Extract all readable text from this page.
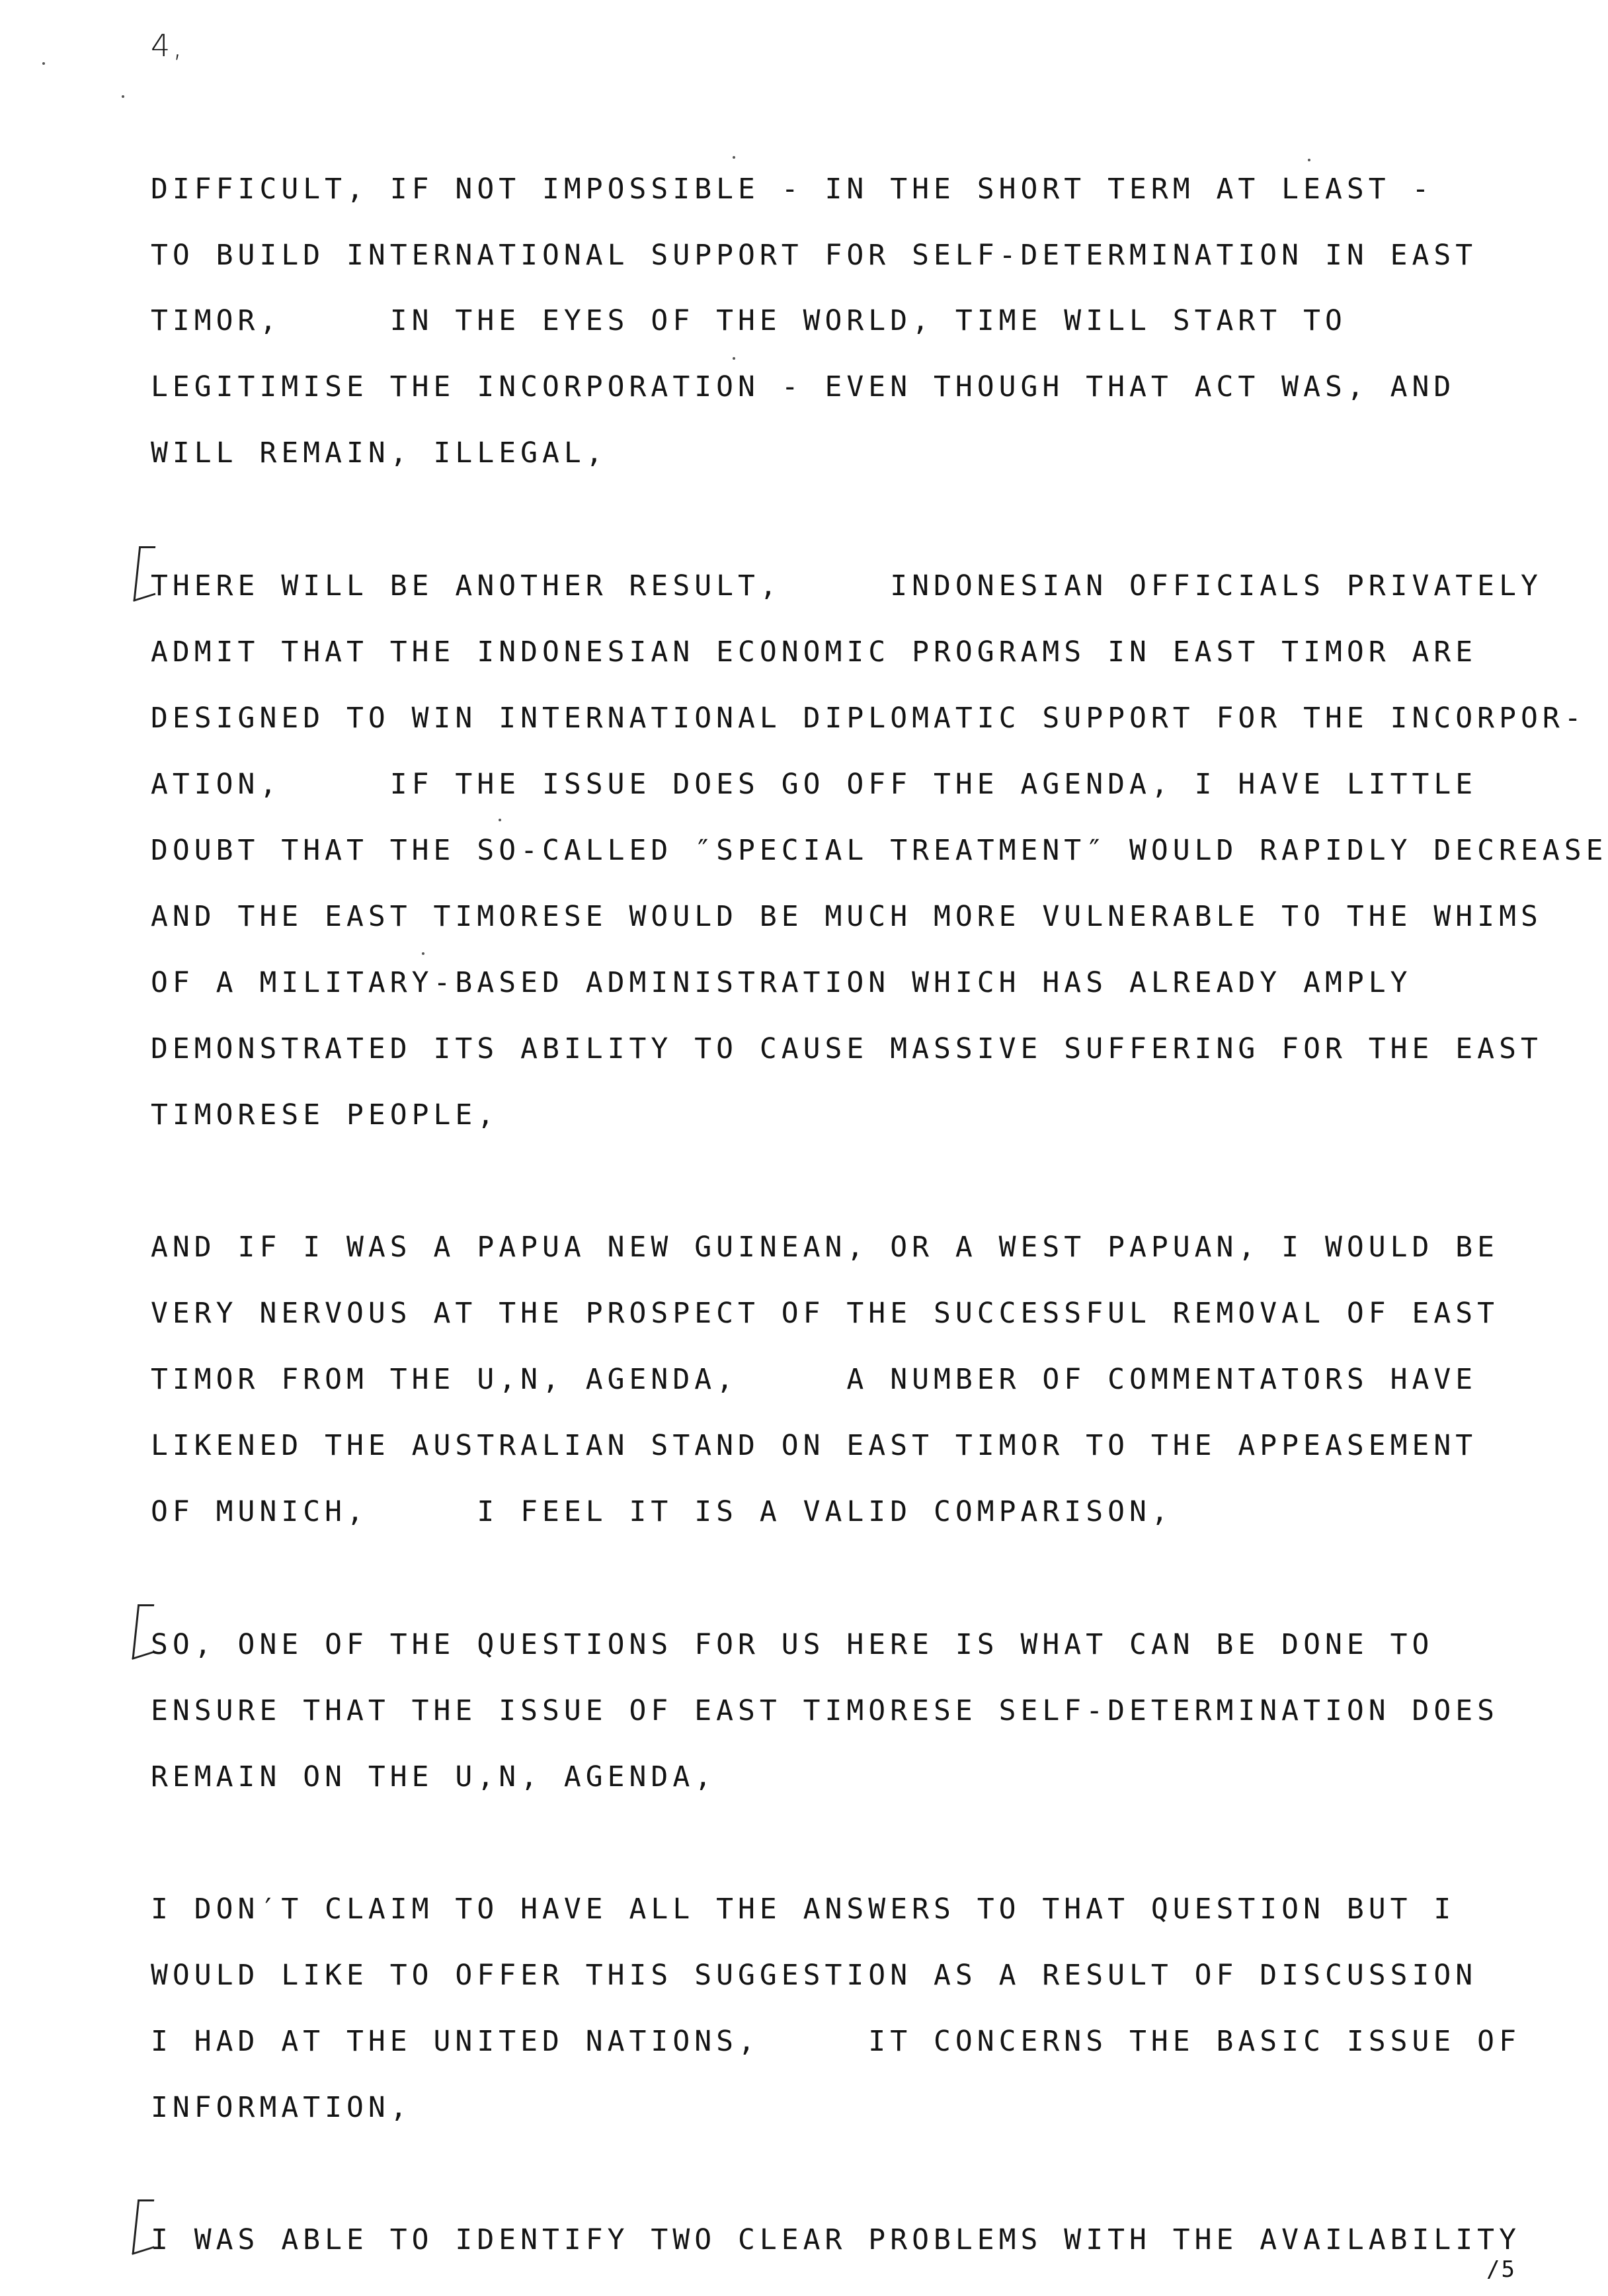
4,
DIFFICULT, IF NOT IMPOSSIBLE - IN THE SHORT TERM AT LEAST -
TO BUILD INTERNATIONAL SUPPORT FOR SELF-DETERMINATION IN EAST
TIMOR,     IN THE EYES OF THE WORLD, TIME WILL START TO
LEGITIMISE THE INCORPORATION - EVEN THOUGH THAT ACT WAS, AND
WILL REMAIN, ILLEGAL,
THERE WILL BE ANOTHER RESULT,     INDONESIAN OFFICIALS PRIVATELY
ADMIT THAT THE INDONESIAN ECONOMIC PROGRAMS IN EAST TIMOR ARE
DESIGNED TO WIN INTERNATIONAL DIPLOMATIC SUPPORT FOR THE INCORPOR-
ATION,     IF THE ISSUE DOES GO OFF THE AGENDA, I HAVE LITTLE
DOUBT THAT THE SO-CALLED ″SPECIAL TREATMENT″ WOULD RAPIDLY DECREASE
AND THE EAST TIMORESE WOULD BE MUCH MORE VULNERABLE TO THE WHIMS
OF A MILITARY-BASED ADMINISTRATION WHICH HAS ALREADY AMPLY
DEMONSTRATED ITS ABILITY TO CAUSE MASSIVE SUFFERING FOR THE EAST
TIMORESE PEOPLE,
AND IF I WAS A PAPUA NEW GUINEAN, OR A WEST PAPUAN, I WOULD BE
VERY NERVOUS AT THE PROSPECT OF THE SUCCESSFUL REMOVAL OF EAST
TIMOR FROM THE U,N, AGENDA,     A NUMBER OF COMMENTATORS HAVE
LIKENED THE AUSTRALIAN STAND ON EAST TIMOR TO THE APPEASEMENT
OF MUNICH,     I FEEL IT IS A VALID COMPARISON,
SO, ONE OF THE QUESTIONS FOR US HERE IS WHAT CAN BE DONE TO
ENSURE THAT THE ISSUE OF EAST TIMORESE SELF-DETERMINATION DOES
REMAIN ON THE U,N, AGENDA,
I DON′T CLAIM TO HAVE ALL THE ANSWERS TO THAT QUESTION BUT I
WOULD LIKE TO OFFER THIS SUGGESTION AS A RESULT OF DISCUSSION
I HAD AT THE UNITED NATIONS,     IT CONCERNS THE BASIC ISSUE OF
INFORMATION,
I WAS ABLE TO IDENTIFY TWO CLEAR PROBLEMS WITH THE AVAILABILITY
/5
